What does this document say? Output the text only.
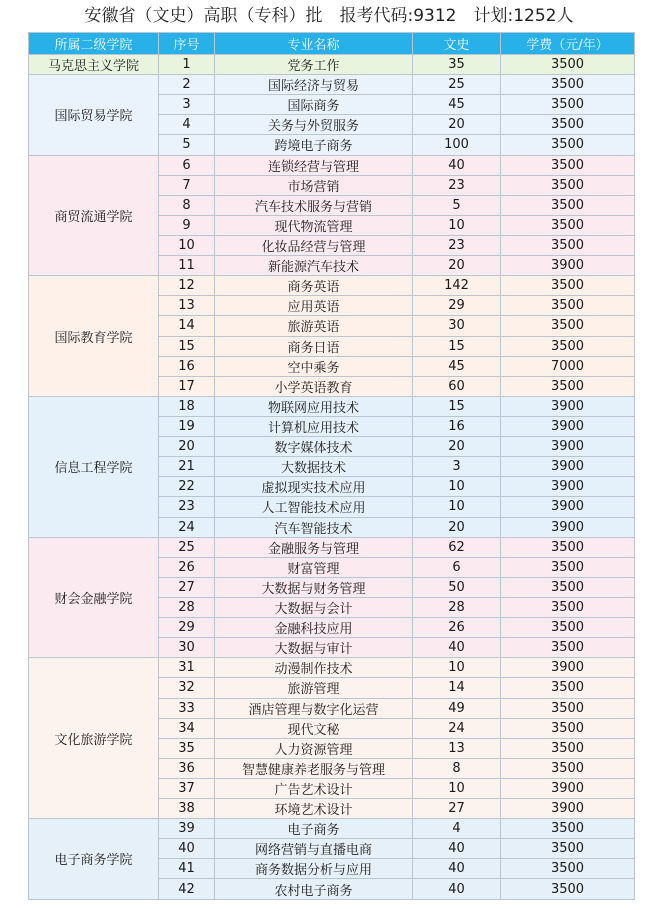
安徽省（文史）高职（专科）批　报考代码:9312　计划:1252人
所属二级学院	序号	专业名称	文史	学费（元/年）
马克思主义学院	1	党务工作	35	3500
国际贸易学院	2	国际经济与贸易	25	3500
	3	国际商务	45	3500
	4	关务与外贸服务	20	3500
	5	跨境电子商务	100	3500
商贸流通学院	6	连锁经营与管理	40	3500
	7	市场营销	23	3500
	8	汽车技术服务与营销	5	3500
	9	现代物流管理	10	3500
	10	化妆品经营与管理	23	3500
	11	新能源汽车技术	20	3900
国际教育学院	12	商务英语	142	3500
	13	应用英语	29	3500
	14	旅游英语	30	3500
	15	商务日语	15	3500
	16	空中乘务	45	7000
	17	小学英语教育	60	3500
信息工程学院	18	物联网应用技术	15	3900
	19	计算机应用技术	16	3900
	20	数字媒体技术	20	3900
	21	大数据技术	3	3900
	22	虚拟现实技术应用	10	3900
	23	人工智能技术应用	10	3900
	24	汽车智能技术	20	3900
财会金融学院	25	金融服务与管理	62	3500
	26	财富管理	6	3500
	27	大数据与财务管理	50	3500
	28	大数据与会计	28	3500
	29	金融科技应用	26	3500
	30	大数据与审计	40	3500
文化旅游学院	31	动漫制作技术	10	3900
	32	旅游管理	14	3500
	33	酒店管理与数字化运营	49	3500
	34	现代文秘	24	3500
	35	人力资源管理	13	3500
	36	智慧健康养老服务与管理	8	3500
	37	广告艺术设计	10	3900
	38	环境艺术设计	27	3900
电子商务学院	39	电子商务	4	3500
	40	网络营销与直播电商	40	3500
	41	商务数据分析与应用	40	3500
	42	农村电子商务	40	3500
